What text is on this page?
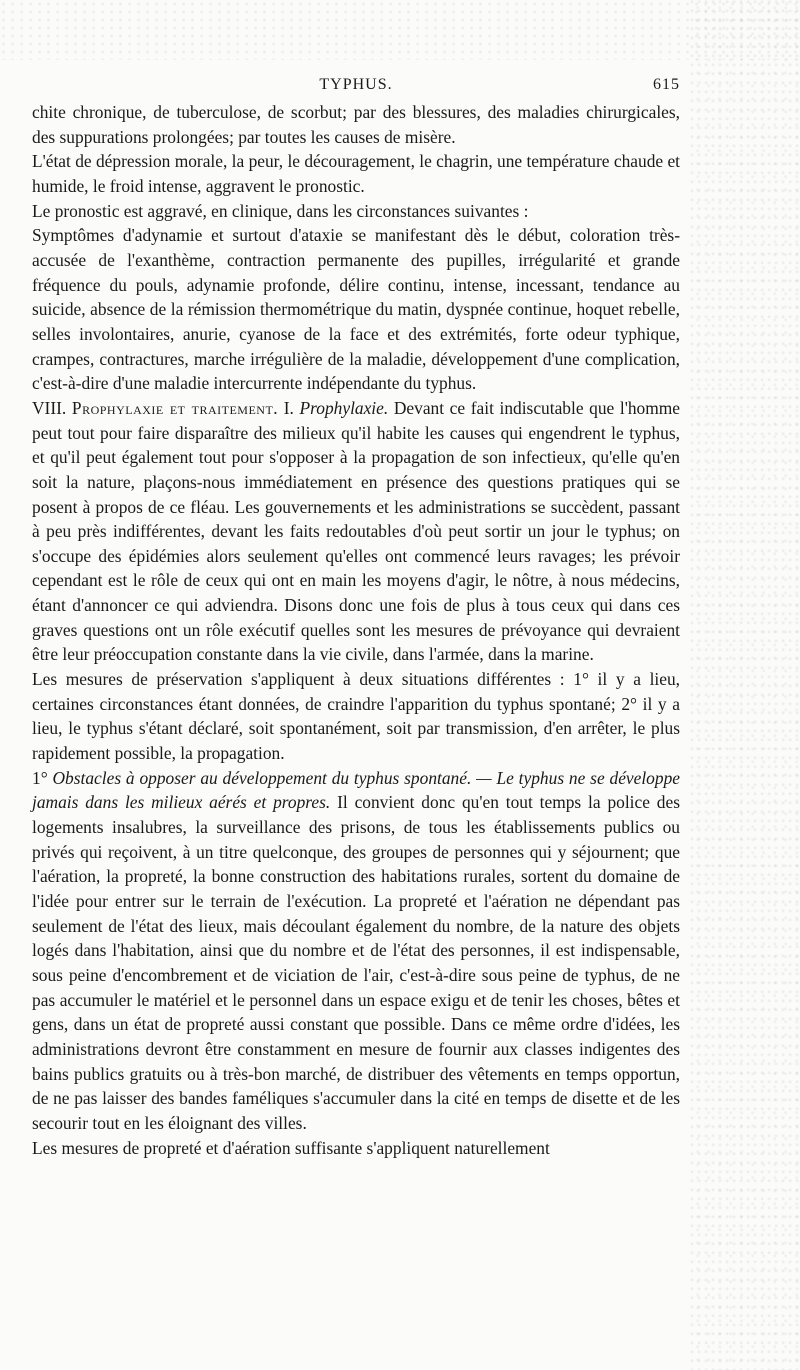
TYPHUS.	615

chite chronique, de tuberculose, de scorbut; par des blessures, des maladies chirurgicales, des suppurations prolongées; par toutes les causes de misère.

L'état de dépression morale, la peur, le découragement, le chagrin, une température chaude et humide, le froid intense, aggravent le pronostic.

Le pronostic est aggravé, en clinique, dans les circonstances suivantes :

Symptômes d'adynamie et surtout d'ataxie se manifestant dès le début, coloration très-accusée de l'exanthème, contraction permanente des pupilles, irrégularité et grande fréquence du pouls, adynamie profonde, délire continu, intense, incessant, tendance au suicide, absence de la rémission thermométrique du matin, dyspnée continue, hoquet rebelle, selles involontaires, anurie, cyanose de la face et des extrémités, forte odeur typhique, crampes, contractures, marche irrégulière de la maladie, développement d'une complication, c'est-à-dire d'une maladie intercurrente indépendante du typhus.

VIII. Prophylaxie et traitement. I. Prophylaxie. Devant ce fait indiscutable que l'homme peut tout pour faire disparaître des milieux qu'il habite les causes qui engendrent le typhus, et qu'il peut également tout pour s'opposer à la propagation de son infectieux, qu'elle qu'en soit la nature, plaçons-nous immédiatement en présence des questions pratiques qui se posent à propos de ce fléau. Les gouvernements et les administrations se succèdent, passant à peu près indifférentes, devant les faits redoutables d'où peut sortir un jour le typhus; on s'occupe des épidémies alors seulement qu'elles ont commencé leurs ravages; les prévoir cependant est le rôle de ceux qui ont en main les moyens d'agir, le nôtre, à nous médecins, étant d'annoncer ce qui adviendra. Disons donc une fois de plus à tous ceux qui dans ces graves questions ont un rôle exécutif quelles sont les mesures de prévoyance qui devraient être leur préoccupation constante dans la vie civile, dans l'armée, dans la marine.

Les mesures de préservation s'appliquent à deux situations différentes : 1° il y a lieu, certaines circonstances étant données, de craindre l'apparition du typhus spontané; 2° il y a lieu, le typhus s'étant déclaré, soit spontanément, soit par transmission, d'en arrêter, le plus rapidement possible, la propagation.

1° Obstacles à opposer au développement du typhus spontané. — Le typhus ne se développe jamais dans les milieux aérés et propres. Il convient donc qu'en tout temps la police des logements insalubres, la surveillance des prisons, de tous les établissements publics ou privés qui reçoivent, à un titre quelconque, des groupes de personnes qui y séjournent; que l'aération, la propreté, la bonne construction des habitations rurales, sortent du domaine de l'idée pour entrer sur le terrain de l'exécution. La propreté et l'aération ne dépendant pas seulement de l'état des lieux, mais découlant également du nombre, de la nature des objets logés dans l'habitation, ainsi que du nombre et de l'état des personnes, il est indispensable, sous peine d'encombrement et de viciation de l'air, c'est-à-dire sous peine de typhus, de ne pas accumuler le matériel et le personnel dans un espace exigu et de tenir les choses, bêtes et gens, dans un état de propreté aussi constant que possible. Dans ce même ordre d'idées, les administrations devront être constamment en mesure de fournir aux classes indigentes des bains publics gratuits ou à très-bon marché, de distribuer des vêtements en temps opportun, de ne pas laisser des bandes faméliques s'accumuler dans la cité en temps de disette et de les secourir tout en les éloignant des villes.

Les mesures de propreté et d'aération suffisante s'appliquent naturellement
